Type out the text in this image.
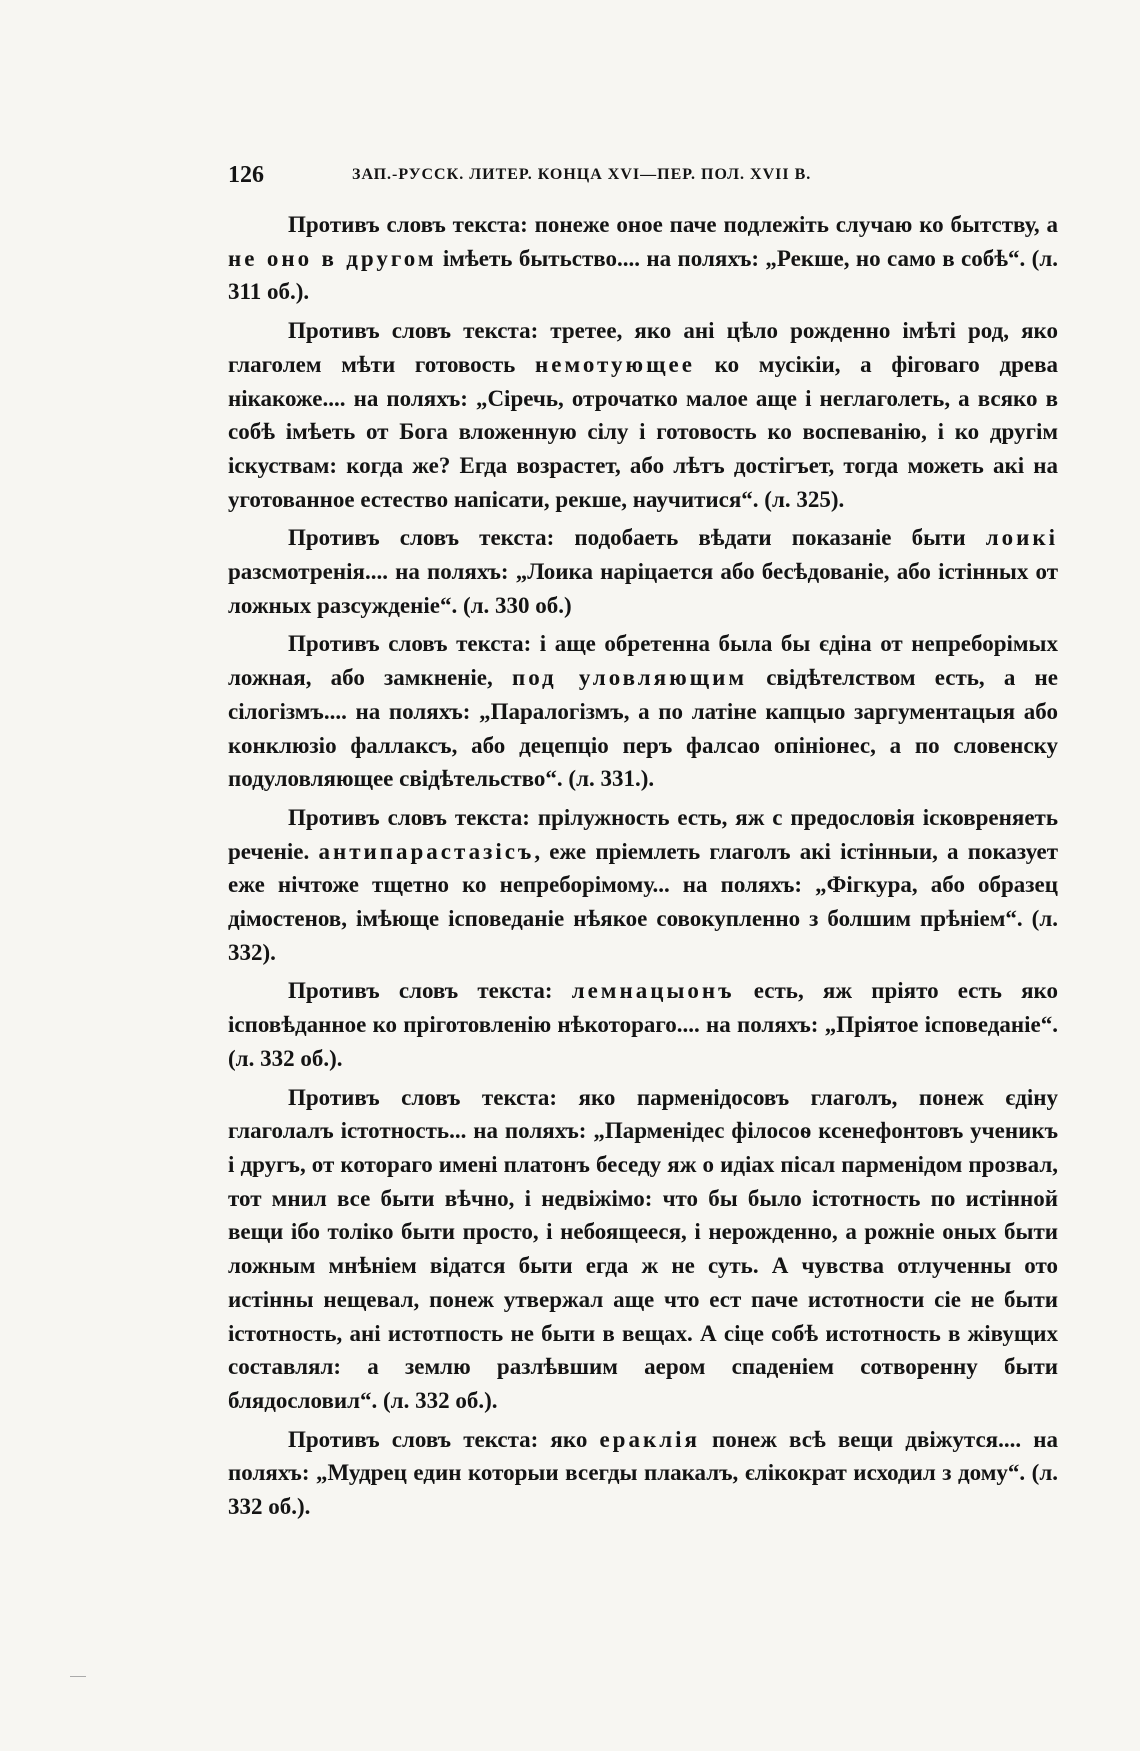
126	ЗАП.-РУССК. ЛИТЕР. КОНЦА XVI—ПЕР. ПОЛ. XVII В.

Противъ словъ текста: понеже оное паче подлежіть случаю ко бытству, а не оно в другом імѣеть бытьство.... на поляхъ: „Рекше, но само в собѣ“. (л. 311 об.).

Противъ словъ текста: третее, яко ані цѣло рожденно імѣті род, яко глаголем мѣти готовость немотующее ко мусікіи, а фіговаго древа нікакоже.... на поляхъ: „Сіречь, отрочатко малое аще і неглаголеть, а всяко в собѣ імѣеть от Бога вложенную сілу і готовость ко воспеванію, і ко другім іскуствам: когда же? Егда возрастет, або лѣтъ достігъет, тогда можеть акі на уготованное естество напісати, рекше, научитися“. (л. 325).

Противъ словъ текста: подобаеть вѣдати показаніе быти лоикі разсмотренія.... на поляхъ: „Лоика наріцается або бесѣдованіе, або істінных от ложных разсужденіе“. (л. 330 об.)

Противъ словъ текста: і аще обретенна была бы єдіна от непреборімых ложная, або замкненіе, под уловляющим свідѣтелством есть, а не сілогізмъ.... на поляхъ: „Паралогізмъ, а по латіне капцыо заргументацыя або конклюзіо фаллаксъ, або децепціо перъ фалсао опініонес, а по словенску подуловляющее свідѣтельство“. (л. 331.).

Противъ словъ текста: прілужность есть, яж с предословія ісковреняеть реченіе. антипарастазісъ, еже пріемлеть глаголъ акі істінныи, а показует еже нічтоже тщетно ко непреборімому... на поляхъ: „Фігкура, або образец дімостенов, імѣюще ісповеданіе нѣякое совокупленно з болшим прѣніем“. (л. 332).

Противъ словъ текста: лемнацыонъ есть, яж пріято есть яко ісповѣданное ко пріготовленію нѣкотораго.... на поляхъ: „Пріятое ісповеданіе“. (л. 332 об.).

Противъ словъ текста: яко парменідосовъ глаголъ, понеж єдіну глаголалъ істотность... на поляхъ: „Парменідес філосоѳ ксенефонтовъ ученикъ і другъ, от котораго имені платонъ беседу яж о идіах пісал парменідом прозвал, тот мнил все быти вѣчно, і недвіжімо: что бы было істотность по истінной вещи ібо толіко быти просто, і небоящееся, і нерожденно, а рожніе оных быти ложным мнѣніем відатся быти егда ж не суть. А чувства отлученны ото истінны нещевал, понеж утвержал аще что ест паче истотности сіе не быти істотность, ані истотпость не быти в вещах. А сіце собѣ истотность в жівущих составлял: а землю разлѣвшим аером спаденіем сотворенну быти блядословил“. (л. 332 об.).

Противъ словъ текста: яко ераклія понеж всѣ вещи двіжутся.... на поляхъ: „Мудрец един которыи всегды плакалъ, єлікократ исходил з дому“. (л. 332 об.).
